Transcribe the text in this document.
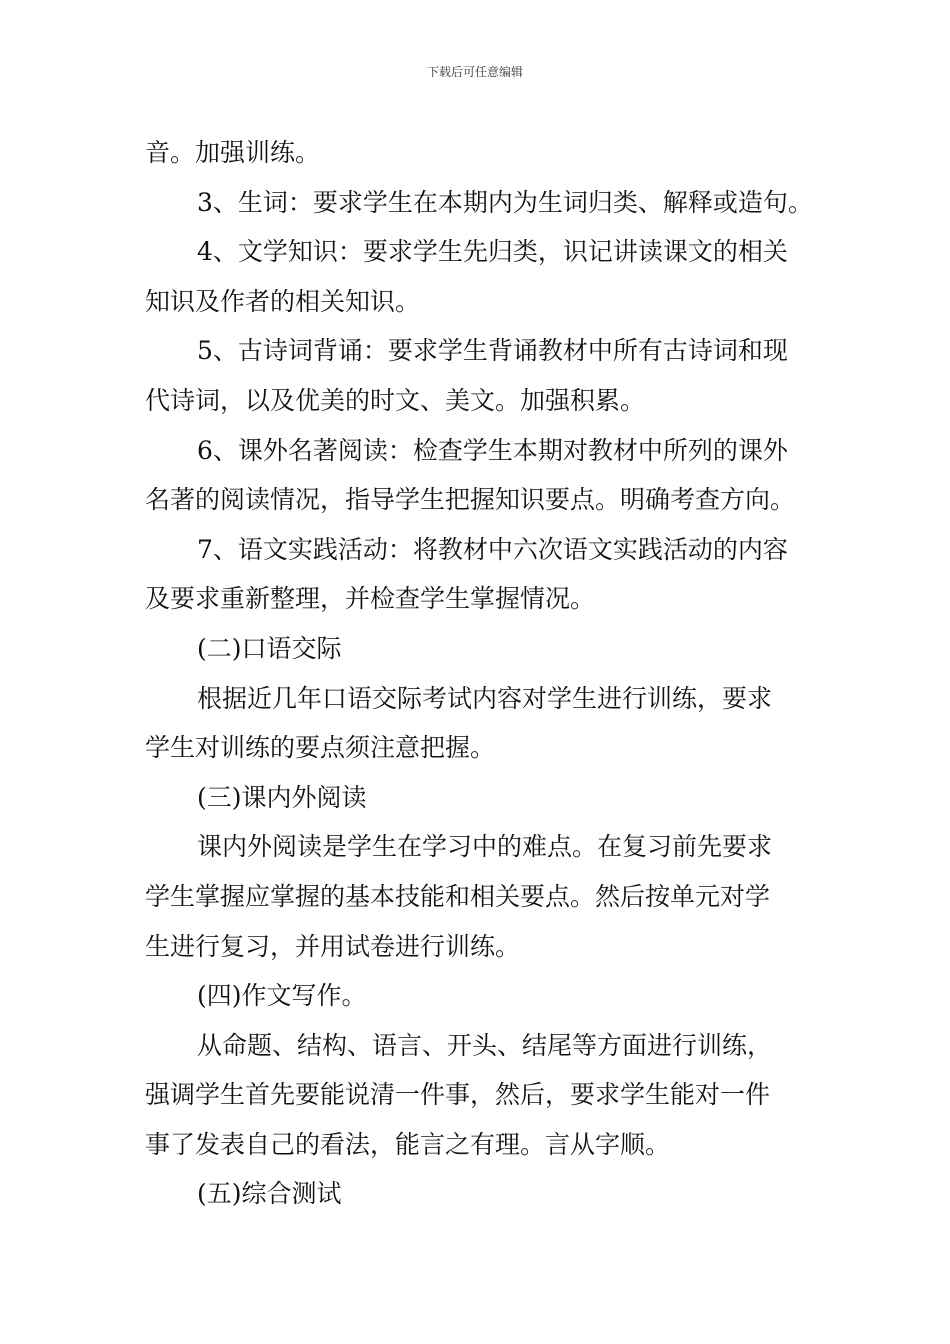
下载后可任意编辑
音。加强训练。
3、生词：要求学生在本期内为生词归类、解释或造句。
4、文学知识：要求学生先归类，识记讲读课文的相关
知识及作者的相关知识。
5、古诗词背诵：要求学生背诵教材中所有古诗词和现
代诗词，以及优美的时文、美文。加强积累。
6、课外名著阅读：检查学生本期对教材中所列的课外
名著的阅读情况，指导学生把握知识要点。明确考查方向。
7、语文实践活动：将教材中六次语文实践活动的内容
及要求重新整理，并检查学生掌握情况。
(二)口语交际
根据近几年口语交际考试内容对学生进行训练，要求
学生对训练的要点须注意把握。
(三)课内外阅读
课内外阅读是学生在学习中的难点。在复习前先要求
学生掌握应掌握的基本技能和相关要点。然后按单元对学
生进行复习，并用试卷进行训练。
(四)作文写作。
从命题、结构、语言、开头、结尾等方面进行训练，
强调学生首先要能说清一件事，然后，要求学生能对一件
事了发表自己的看法，能言之有理。言从字顺。
(五)综合测试
